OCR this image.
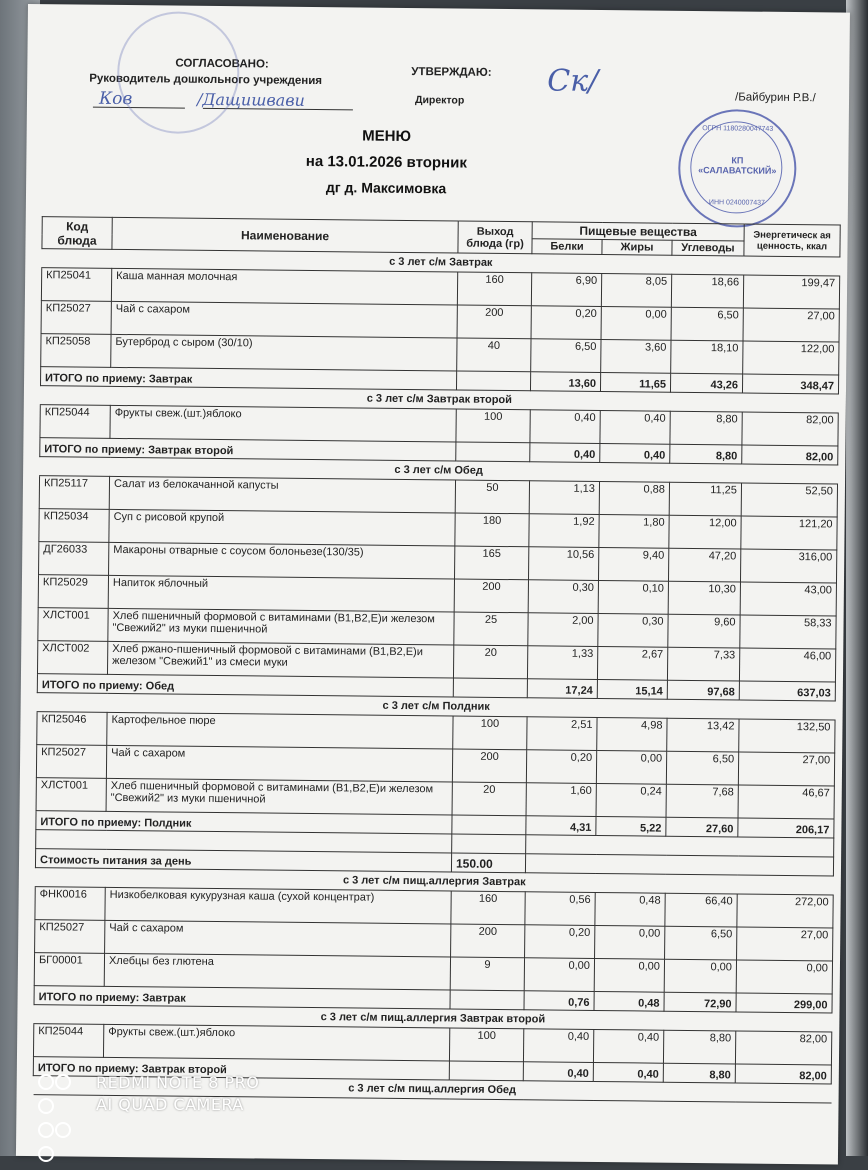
СОГЛАСОВАНО:
Руководитель дошкольного учреждения
УТВЕРЖДАЮ:
Директор	/Байбурин Р.В./
Ков	/Дащишвави
Ск/
ОГРН 1180280047743
КП «САЛАВАТСКИЙ»
ИНН 0240007437
МЕНЮ
на 13.01.2026 вторник
дг д. Максимовка
Код блюда	Наименование	Выход блюда (гр)	Пищевые вещества			Энергетическ ая ценность, ккал
			Белки	Жиры	Углеводы	
с 3 лет с/м Завтрак						
КП25041	Каша манная молочная	160	6,90	8,05	18,66	199,47
КП25027	Чай с сахаром	200	0,20	0,00	6,50	27,00
КП25058	Бутерброд с сыром (30/10)	40	6,50	3,60	18,10	122,00
ИТОГО по приему: Завтрак			13,60	11,65	43,26	348,47
с 3 лет с/м Завтрак второй						
КП25044	Фрукты свеж.(шт.)яблоко	100	0,40	0,40	8,80	82,00
ИТОГО по приему: Завтрак второй			0,40	0,40	8,80	82,00
с 3 лет с/м Обед						
КП25117	Салат из белокачанной капусты	50	1,13	0,88	11,25	52,50
КП25034	Суп с рисовой крупой	180	1,92	1,80	12,00	121,20
ДГ26033	Макароны отварные с соусом болоньезе(130/35)	165	10,56	9,40	47,20	316,00
КП25029	Напиток яблочный	200	0,30	0,10	10,30	43,00
ХЛСТ001	Хлеб пшеничный формовой с витаминами (В1,В2,Е)и железом "Свежий2" из муки пшеничной	25	2,00	0,30	9,60	58,33
ХЛСТ002	Хлеб ржано-пшеничный формовой с витаминами (В1,В2,Е)и железом "Свежий1" из смеси муки	20	1,33	2,67	7,33	46,00
ИТОГО по приему: Обед			17,24	15,14	97,68	637,03
с 3 лет с/м Полдник						
КП25046	Картофельное пюре	100	2,51	4,98	13,42	132,50
КП25027	Чай с сахаром	200	0,20	0,00	6,50	27,00
ХЛСТ001	Хлеб пшеничный формовой с витаминами (В1,В2,Е)и железом "Свежий2" из муки пшеничной	20	1,60	0,24	7,68	46,67
ИТОГО по приему: Полдник			4,31	5,22	27,60	206,17

Стоимость питания за день		150.00				
с 3 лет с/м пищ.аллергия Завтрак						
ФНК0016	Низкобелковая кукурузная каша (сухой концентрат)	160	0,56	0,48	66,40	272,00
КП25027	Чай с сахаром	200	0,20	0,00	6,50	27,00
БГ00001	Хлебцы без глютена	9	0,00	0,00	0,00	0,00
ИТОГО по приему: Завтрак			0,76	0,48	72,90	299,00
с 3 лет с/м пищ.аллергия Завтрак второй						
КП25044	Фрукты свеж.(шт.)яблоко	100	0,40	0,40	8,80	82,00
ИТОГО по приему: Завтрак второй			0,40	0,40	8,80	82,00
с 3 лет с/м пищ.аллергия Обед						

REDMI NOTE 8 PRO
AI QUAD CAMERA
